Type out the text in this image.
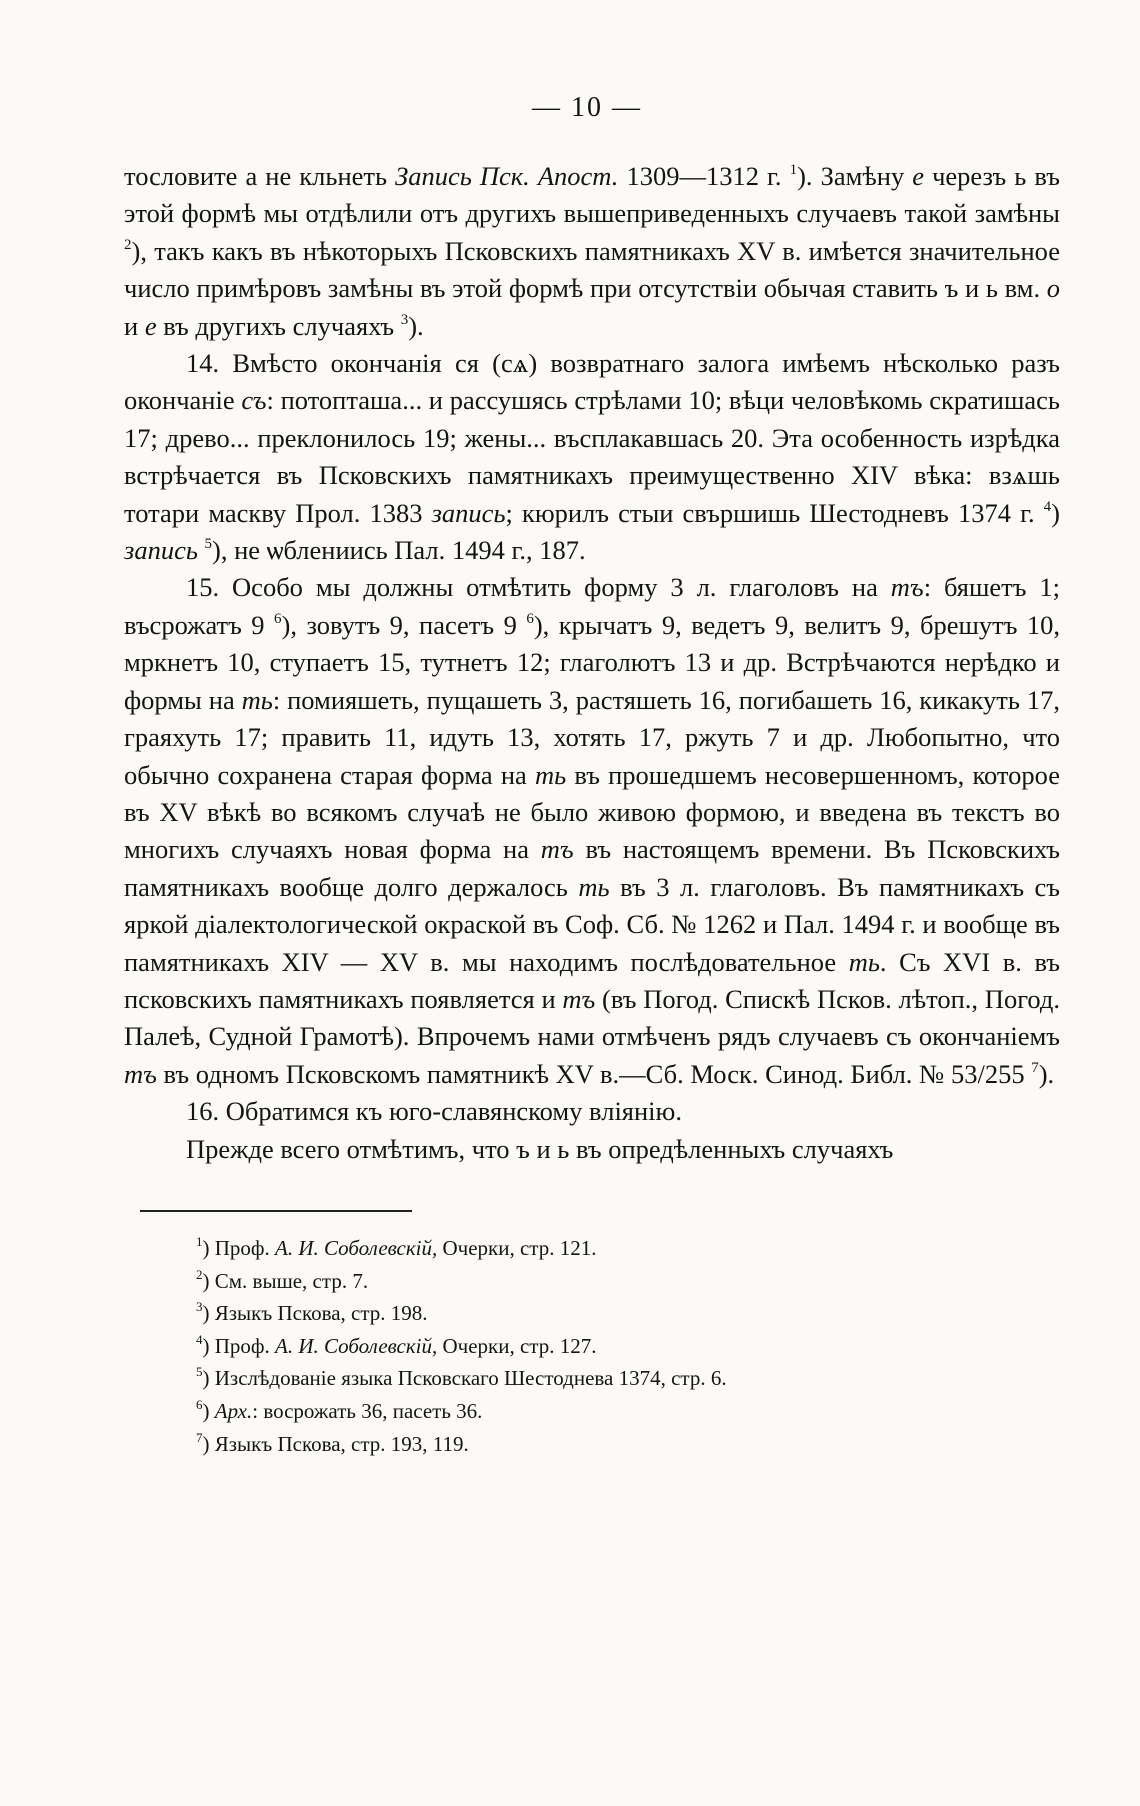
— 10 —

тословите а не кльнеть Запись Пск. Апост. 1309—1312 г. $^1$). Замѣну е черезъ ь въ этой формѣ мы отдѣлили отъ другихъ вышеприведенныхъ случаевъ такой замѣны $^2$), такъ какъ въ нѣкоторыхъ Псковскихъ памятникахъ XV в. имѣется значительное число примѣровъ замѣны въ этой формѣ при отсутствіи обычая ставить ъ и ь вм. о и е въ другихъ случаяхъ $^3$).

14. Вмѣсто окончанія ся (сѧ) возвратнаго залога имѣемъ нѣсколько разъ окончаніе съ: потопташа... и рассушясь стрѣлами 10; вѣци человѣкомь скратишась 17; древо... преклонилось 19; жены... въсплакавшась 20. Эта особенность изрѣдка встрѣчается въ Псковскихъ памятникахъ преимущественно XIV вѣка: взѧшь тотари маскву Прол. 1383 запись; кюрилъ стыи свършишь Шестодневъ 1374 г. $^4$) запись $^5$), не ѡблениись Пал. 1494 г., 187.

15. Особо мы должны отмѣтить форму 3 л. глаголовъ на тъ: бяшетъ 1; въсрожатъ 9 $^6$), зовутъ 9, пасетъ 9 $^6$), крычатъ 9, ведетъ 9, велитъ 9, брешутъ 10, мркнетъ 10, ступаетъ 15, тутнетъ 12; глаголютъ 13 и др. Встрѣчаются нерѣдко и формы на ть: помияшеть, пущашеть 3, растяшеть 16, погибашеть 16, кикакуть 17, граяхуть 17; править 11, идуть 13, хотять 17, ржуть 7 и др. Любопытно, что обычно сохранена старая форма на ть въ прошедшемъ несовершенномъ, которое въ XV вѣкѣ во всякомъ случаѣ не было живою формою, и введена въ текстъ во многихъ случаяхъ новая форма на тъ въ настоящемъ времени. Въ Псковскихъ памятникахъ вообще долго держалось ть въ 3 л. глаголовъ. Въ памятникахъ съ яркой діалектологической окраской въ Соф. Сб. № 1262 и Пал. 1494 г. и вообще въ памятникахъ XIV — XV в. мы находимъ послѣдовательное ть. Съ XVI в. въ псковскихъ памятникахъ появляется и тъ (въ Погод. Спискѣ Псков. лѣтоп., Погод. Палеѣ, Судной Грамотѣ). Впрочемъ нами отмѣченъ рядъ случаевъ съ окончаніемъ тъ въ одномъ Псковскомъ памятникѣ XV в.—Сб. Моск. Синод. Библ. № 53/255 $^7$).

16. Обратимся къ юго-славянскому вліянію.

Прежде всего отмѣтимъ, что ъ и ь въ опредѣленныхъ случаяхъ

$^1$) Проф. А. И. Соболевскій, Очерки, стр. 121.
$^2$) См. выше, стр. 7.
$^3$) Языкъ Пскова, стр. 198.
$^4$) Проф. А. И. Соболевскій, Очерки, стр. 127.
$^5$) Изслѣдованіе языка Псковскаго Шестоднева 1374, стр. 6.
$^6$) Арх.: восрожать 36, пасеть 36.
$^7$) Языкъ Пскова, стр. 193, 119.
